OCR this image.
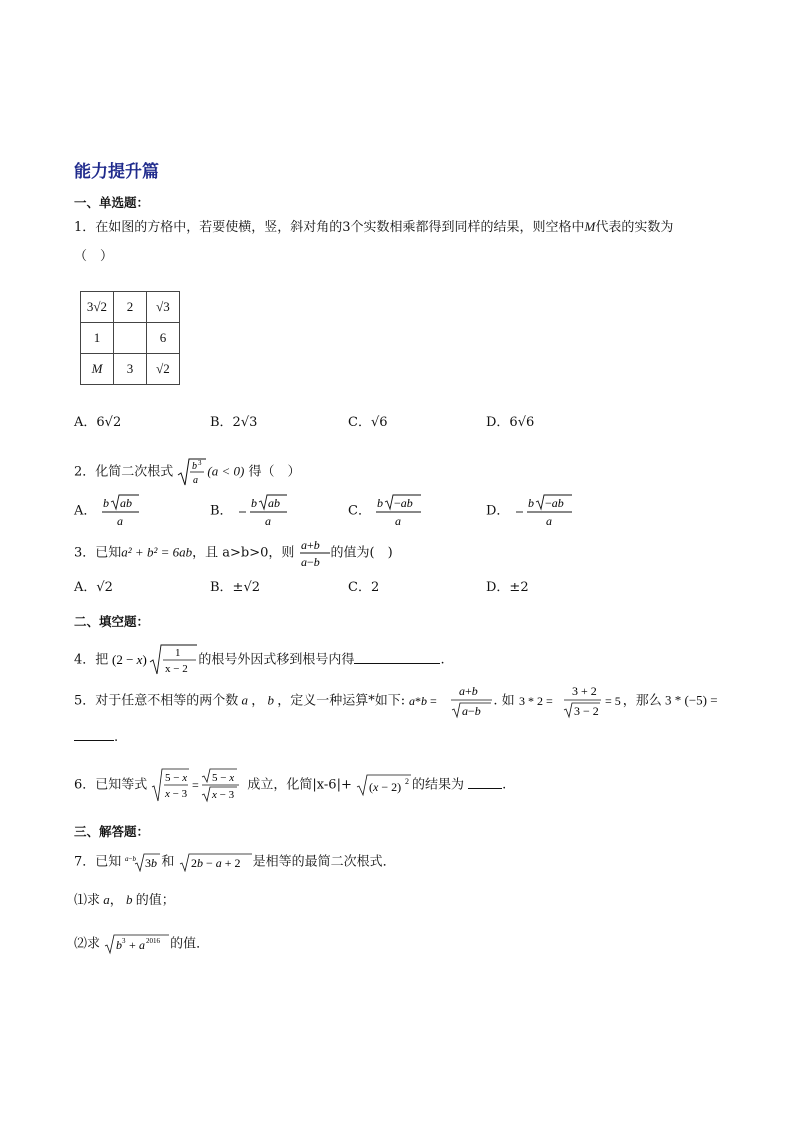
能力提升篇
一、单选题：
1．在如图的方格中，若要使横，竖，斜对角的3个实数相乘都得到同样的结果，则空格中M代表的实数为
（　）
3√2	2	√3
1		6
M	3	√2
A．6√2	B．2√3	C．√6	D．6√6
2．化简二次根式 b 3
a
(a < 0) 得（　）
A．
b ab
a
B．
b ab
a
C．
b −ab
a
D．
b −ab
a
3．已知a² + b² = 6ab，且 a>b>0，则
a+b
a−b
的值为(　)
A．√2	B．±√2	C．2	D．±2
二、填空题：
4．把 (2 − x)	1
x − 2
的根号外因式移到根号内得	.
5．对于任意不相等的两个数 a ， b ，定义一种运算*如下: a*b =
a+b
a−b
. 如 3 * 2 =
3 + 2
3 − 2
= 5 ，那么 3 * (−5) =
.
6．已知等式 5 − x
x − 3
= 5 − x
x − 3
成立，化简|x-6|+ (x − 2) 2 的结果为	.
三、解答题：
7．已知 a−b 3b 和 2b − a + 2 是相等的最简二次根式．
⑴求 a， b 的值；
⑵求 b 3 + a 2016 的值．
